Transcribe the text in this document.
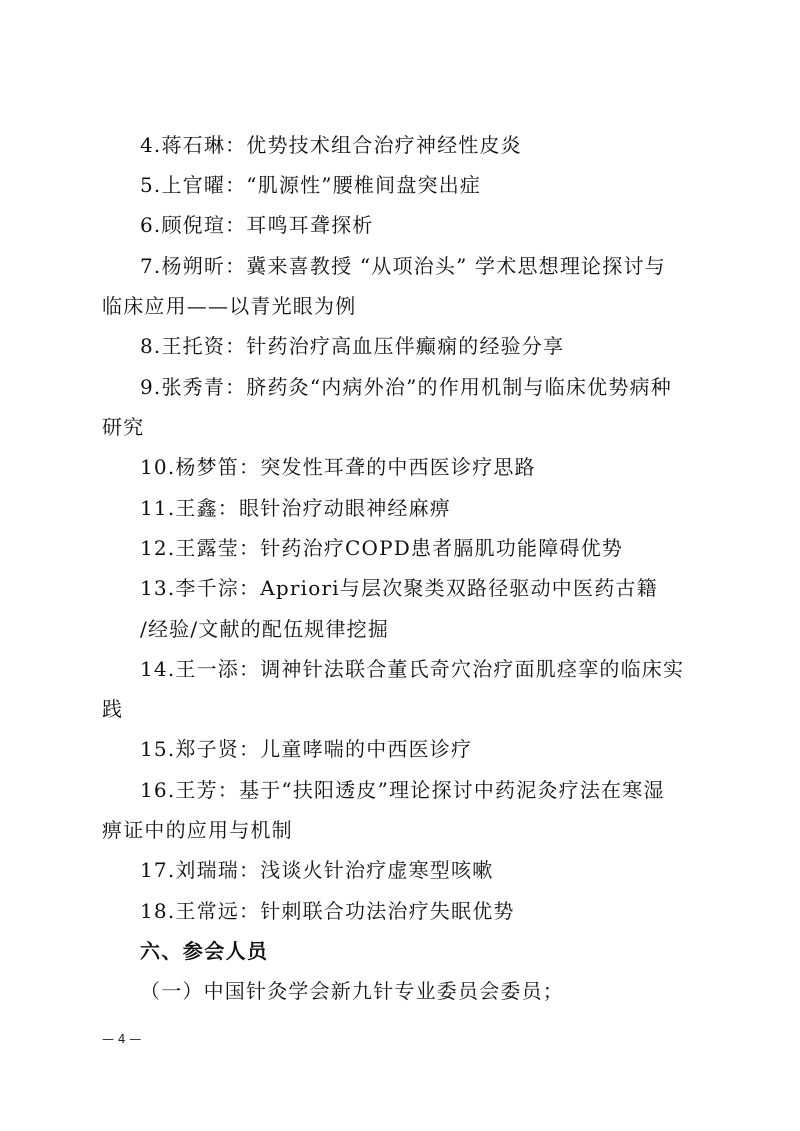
4.蒋石琳：优势技术组合治疗神经性皮炎
5.上官曜：“肌源性”腰椎间盘突出症
6.顾倪瑄：耳鸣耳聋探析
7.杨朔昕：冀来喜教授 “从项治头” 学术思想理论探讨与
临床应用——以青光眼为例
8.王托资：针药治疗高血压伴癫痫的经验分享
9.张秀青：脐药灸“内病外治”的作用机制与临床优势病种
研究
10.杨梦笛：突发性耳聋的中西医诊疗思路
11.王鑫：眼针治疗动眼神经麻痹
12.王露莹：针药治疗COPD患者膈肌功能障碍优势
13.李千淙：Apriori与层次聚类双路径驱动中医药古籍
/经验/文献的配伍规律挖掘
14.王一添：调神针法联合董氏奇穴治疗面肌痉挛的临床实
践
15.郑子贤：儿童哮喘的中西医诊疗
16.王芳：基于“扶阳透皮”理论探讨中药泥灸疗法在寒湿
痹证中的应用与机制
17.刘瑞瑞：浅谈火针治疗虚寒型咳嗽
18.王常远：针刺联合功法治疗失眠优势
六、参会人员
（一）中国针灸学会新九针专业委员会委员；
— 4 —
